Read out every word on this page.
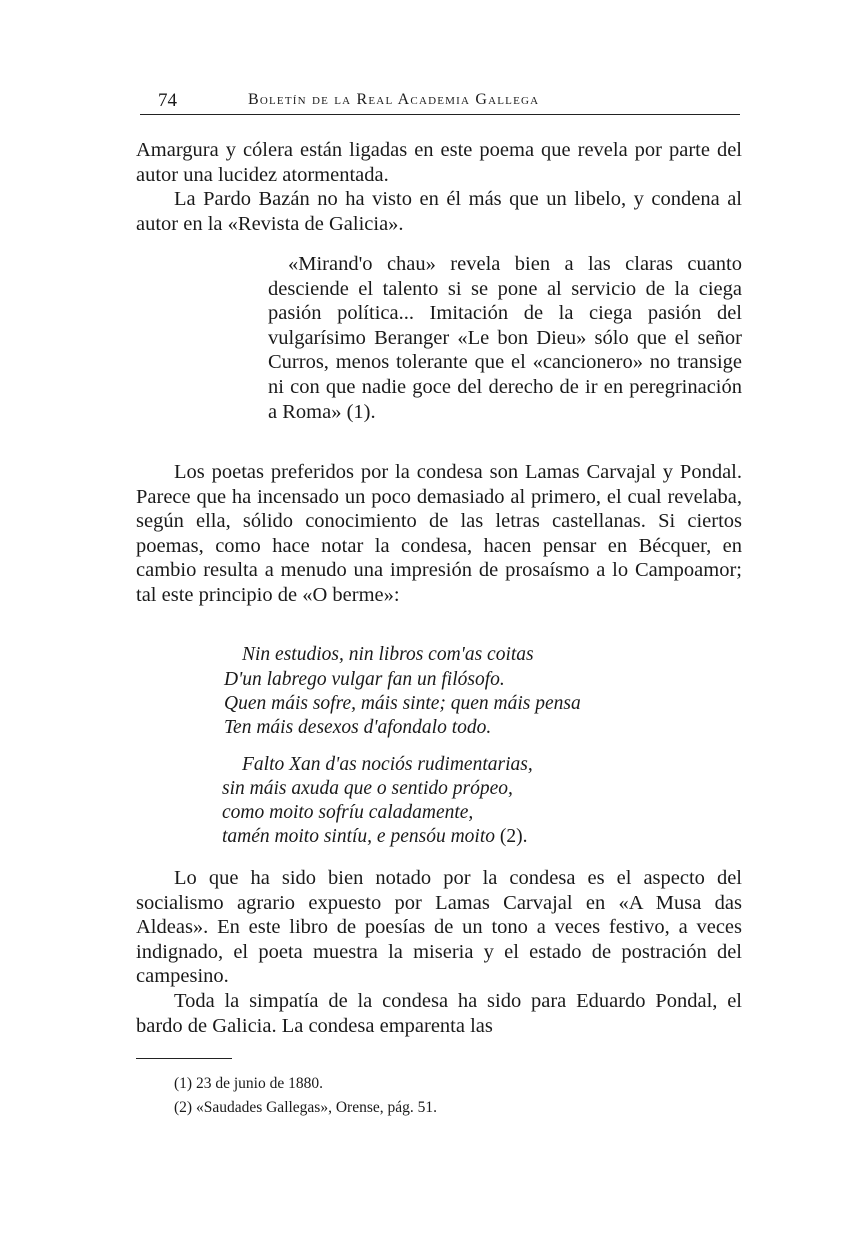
74	Boletín de la Real Academia Gallega
Amargura y cólera están ligadas en este poema que revela por parte del autor una lucidez atormentada.
La Pardo Bazán no ha visto en él más que un libelo, y condena al autor en la «Revista de Galicia».
«Mirand'o chau» revela bien a las claras cuanto desciende el talento si se pone al servicio de la ciega pasión política... Imitación de la ciega pasión del vulgarísimo Beranger «Le bon Dieu» sólo que el señor Curros, menos tolerante que el «cancionero» no transige ni con que nadie goce del derecho de ir en peregrinación a Roma» (1).
Los poetas preferidos por la condesa son Lamas Carvajal y Pondal. Parece que ha incensado un poco demasiado al primero, el cual revelaba, según ella, sólido conocimiento de las letras castellanas. Si ciertos poemas, como hace notar la condesa, hacen pensar en Bécquer, en cambio resulta a menudo una impresión de prosaísmo a lo Campoamor; tal este principio de «O berme»:
Nin estudios, nin libros com'as coitas
D'un labrego vulgar fan un filósofo.
Quen máis sofre, máis sinte; quen máis pensa
Ten máis desexos d'afondalo todo.
Falto Xan d'as nociós rudimentarias,
sin máis axuda que o sentido própeo,
como moito sofríu caladamente,
tamén moito sintíu, e pensóu moito (2).
Lo que ha sido bien notado por la condesa es el aspecto del socialismo agrario expuesto por Lamas Carvajal en «A Musa das Aldeas». En este libro de poesías de un tono a veces festivo, a veces indignado, el poeta muestra la miseria y el estado de postración del campesino.
Toda la simpatía de la condesa ha sido para Eduardo Pondal, el bardo de Galicia. La condesa emparenta las
(1) 23 de junio de 1880.
(2) «Saudades Gallegas», Orense, pág. 51.
